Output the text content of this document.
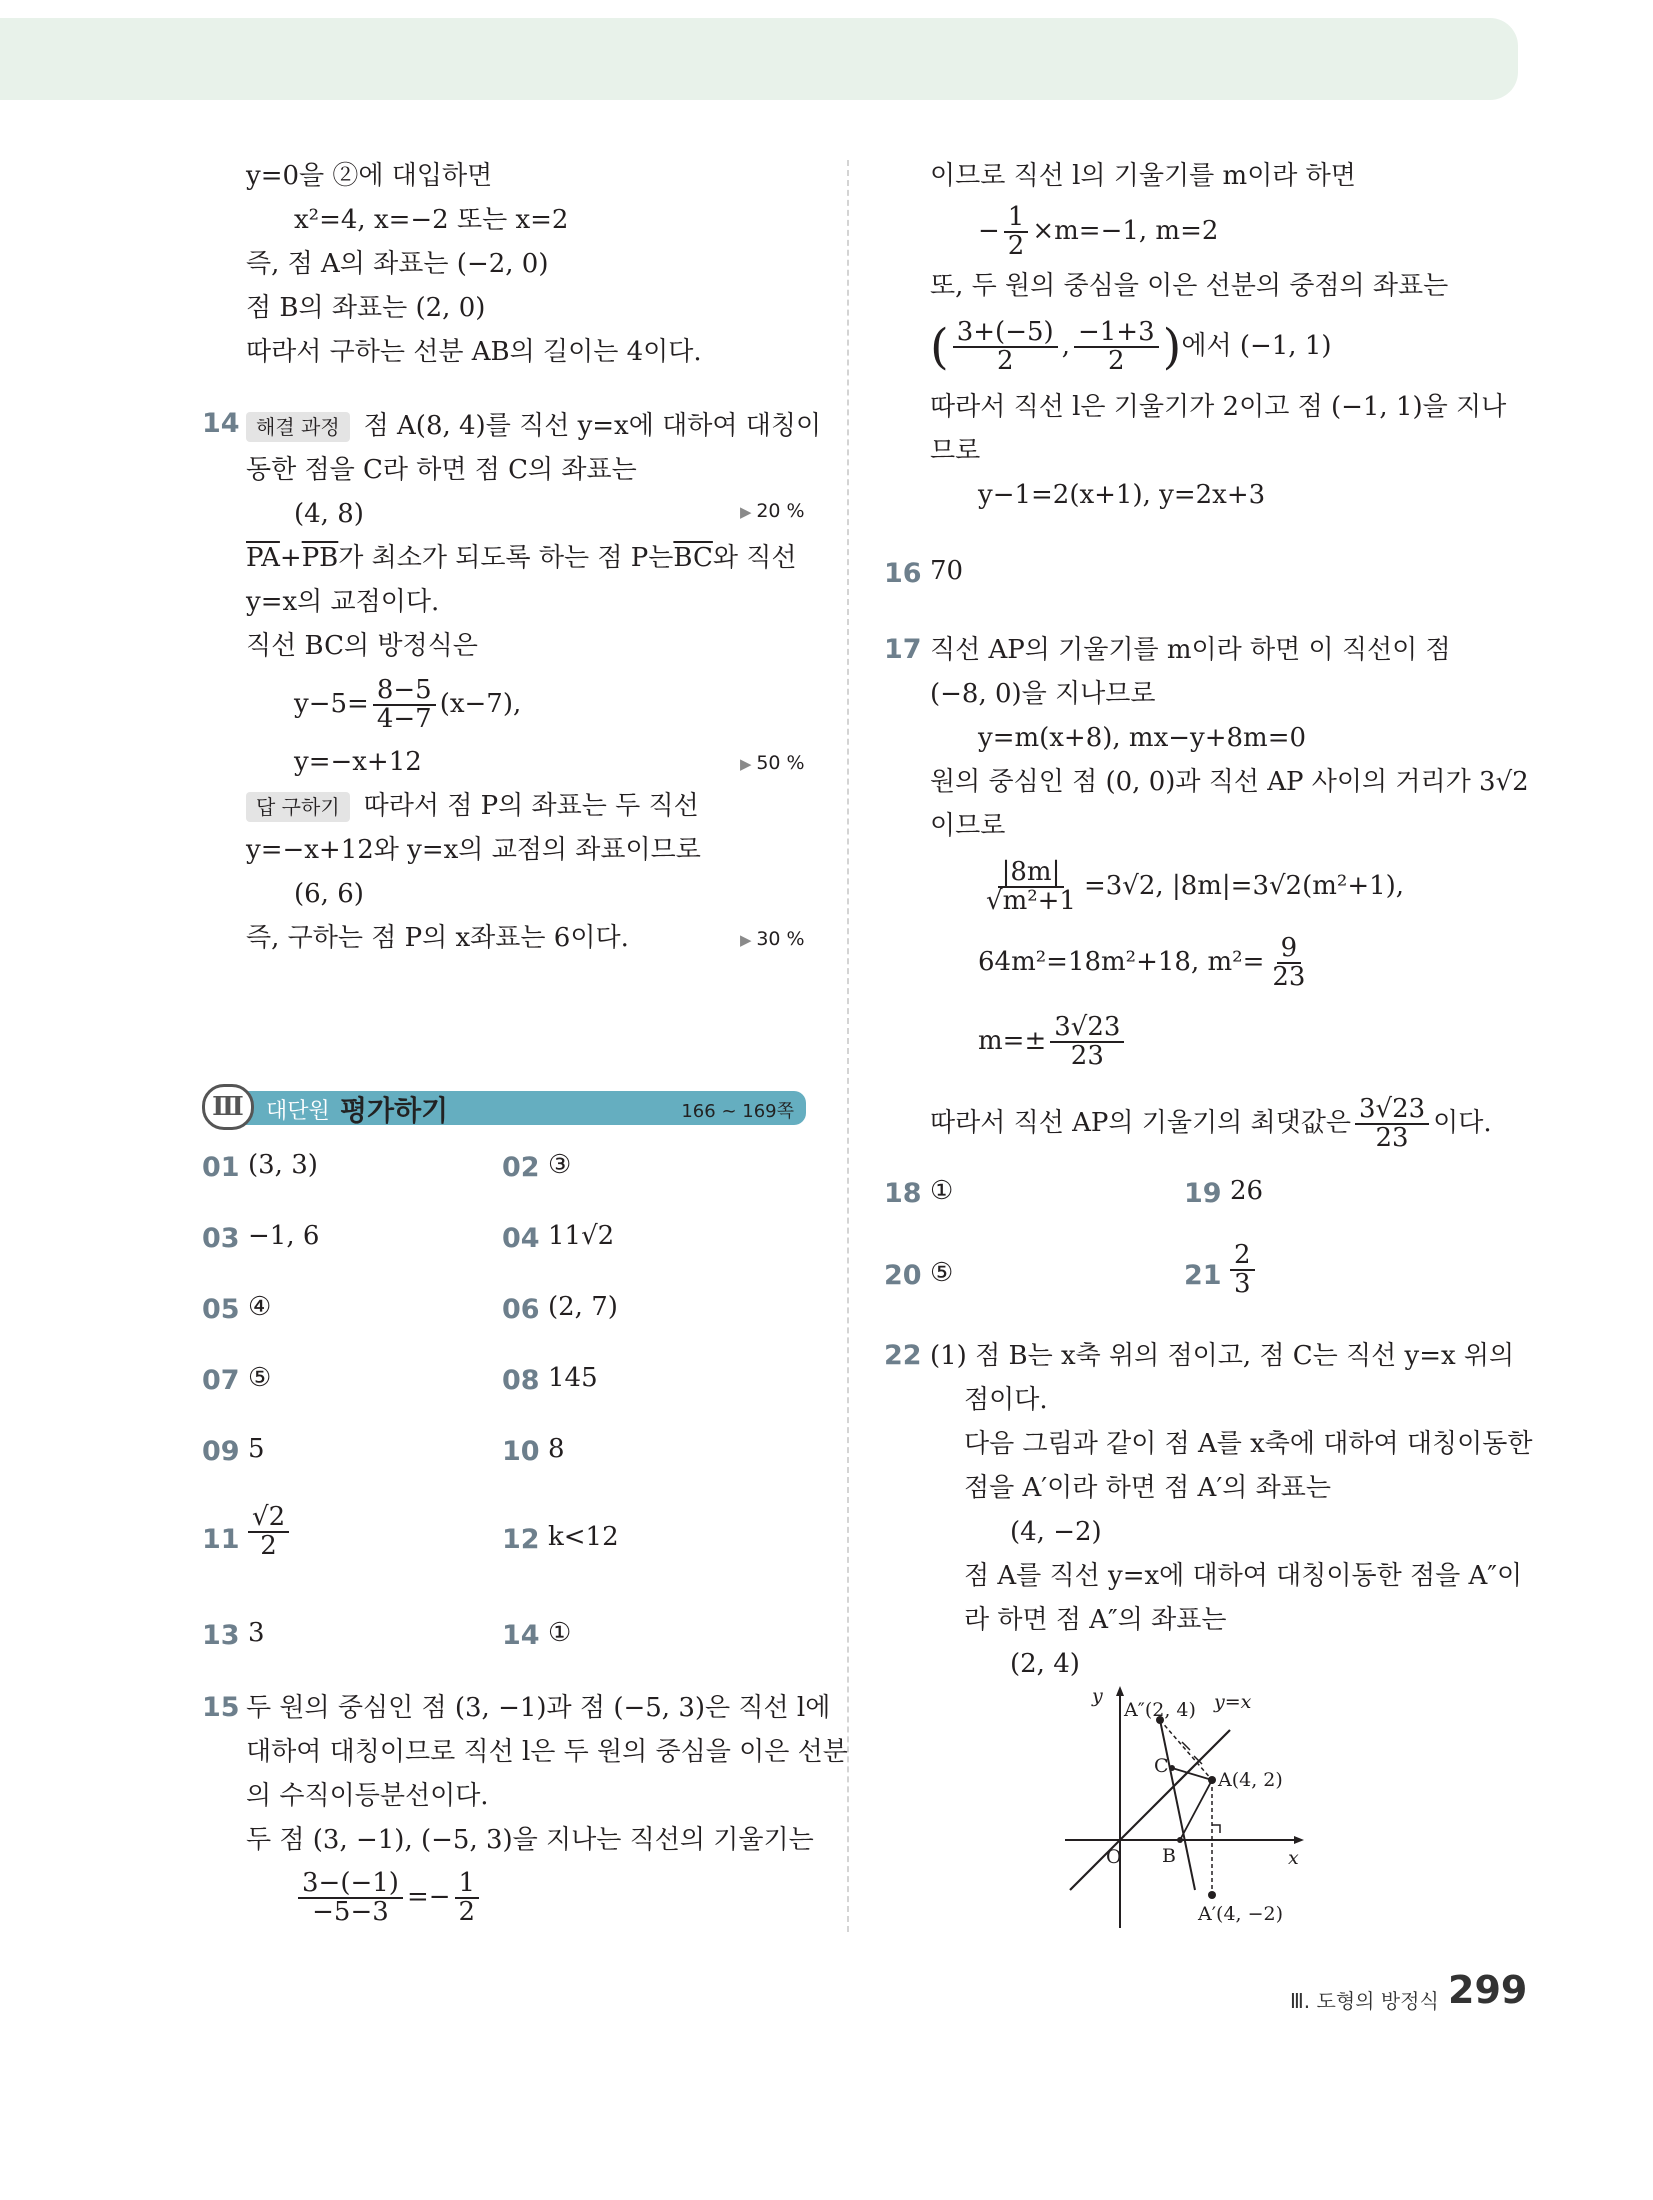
y=0을 ②에 대입하면

x²=4, x=−2 또는 x=2

즉, 점 A의 좌표는 (−2, 0)

점 B의 좌표는 (2, 0)

따라서 구하는 선분 AB의 길이는 4이다.

14 해결 과정 점 A(8, 4)를 직선 y=x에 대하여 대칭이

동한 점을 C라 하면 점 C의 좌표는

(4, 8)

$\overline{PA}+\overline{PB}$가 최소가 되도록 하는 점 P는$\overline{BC}$와 직선

y=x의 교점이다.

직선 BC의 방정식은

$y-5= \frac{8-5}{4-7} (x-7)$,

y=−x+12

답 구하기 따라서 점 P의 좌표는 두 직선

y=−x+12와 y=x의 교점의 좌표이므로

(6, 6)

즉, 구하는 점 P의 x좌표는 6이다.

▶ 20 %
▶ 50 %
▶ 30 %
Ⅲ	대단원 평가하기	166 ~ 169쪽
01 (3, 3)	02 ③
03 −1, 6	04 11√2
05 ④	06 (2, 7)
07 ⑤	08 145
09 5	10 8
$11 \frac{√2}{2}$	12 k<12
13 3	14 ①
15 두 원의 중심인 점 (3, −1)과 점 (−5, 3)은 직선 l에

대하여 대칭이므로 직선 l은 두 원의 중심을 이은 선분

의 수직이등분선이다.

두 점 (3, −1), (−5, 3)을 지나는 직선의 기울기는

$\frac{3-(-1)}{-5-3} =- \frac{1}{2}$

이므로 직선 l의 기울기를 m이라 하면

− $\frac{1}{2} \times m=-1$, m=2

또, 두 원의 중심을 이은 선분의 중점의 좌표는

( $\frac{3+(-5)}{2}$ , $\frac{-1+3}{2}$ )에서 (−1, 1)

따라서 직선 l은 기울기가 2이고 점 (−1, 1)을 지나

므로

y−1=2(x+1), y=2x+3

16 70
17 직선 AP의 기울기를 m이라 하면 이 직선이 점

(−8, 0)을 지나므로

y=m(x+8), mx−y+8m=0

원의 중심인 점 (0, 0)과 직선 AP 사이의 거리가 3√2

이므로

$\frac{|8m|}{\text{√m²+1}} =3√2$, |8m|=3√2(m²+1),

64m²=18m²+18, $m^2= \frac{9}{23}$

$m=\pm \frac{3√23}{23}$

따라서 직선 AP의 기울기의 최댓값은 $\frac{3√23}{23}$ 이다.

18 ①	19 26
20 ⑤	$21 \frac{2}{3}$
22 (1) 점 B는 x축 위의 점이고, 점 C는 직선 y=x 위의

점이다.

다음 그림과 같이 점 A를 x축에 대하여 대칭이동한

점을 A′이라 하면 점 A′의 좌표는

(4, −2)

점 A를 직선 y=x에 대하여 대칭이동한 점을 A″이

라 하면 점 A″의 좌표는

(2, 4)

y
x
y=x
O
A″(2, 4)
C
A(4, 2)
B
A′(4, −2)
Ⅲ. 도형의 방정식 299
